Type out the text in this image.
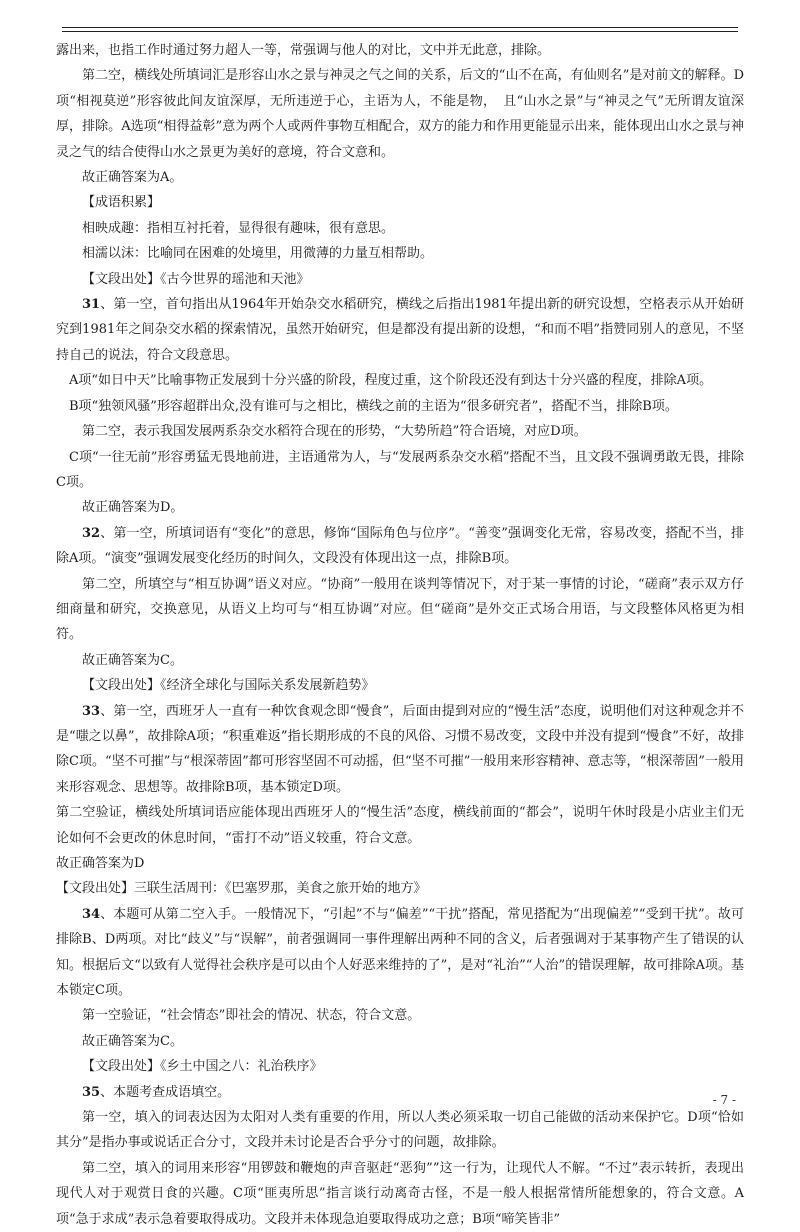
露出来，也指工作时通过努力超人一等，常强调与他人的对比，文中并无此意，排除。

第二空，横线处所填词汇是形容山水之景与神灵之气之间的关系，后文的“山不在高，有仙则名”是对前文的解释。D项“相视莫逆”形容彼此间友谊深厚，无所违逆于心，主语为人，不能是物，　且“山水之景”与“神灵之气”无所谓友谊深厚，排除。A选项“相得益彰”意为两个人或两件事物互相配合，双方的能力和作用更能显示出来，能体现出山水之景与神灵之气的结合使得山水之景更为美好的意境，符合文意和。

故正确答案为A。

【成语积累】

相映成趣：指相互衬托着，显得很有趣味，很有意思。

相濡以沫：比喻同在困难的处境里，用微薄的力量互相帮助。

【文段出处】《古今世界的瑶池和天池》

31、第一空，首句指出从1964年开始杂交水稻研究，横线之后指出1981年提出新的研究设想，空格表示从开始研究到1981年之间杂交水稻的探索情况，虽然开始研究，但是都没有提出新的设想，“和而不唱”指赞同别人的意见，不坚持自己的说法，符合文段意思。

A项“如日中天”比喻事物正发展到十分兴盛的阶段，程度过重，这个阶段还没有到达十分兴盛的程度，排除A项。

B项“独领风骚”形容超群出众,没有谁可与之相比，横线之前的主语为“很多研究者”，搭配不当，排除B项。

第二空，表示我国发展两系杂交水稻符合现在的形势，“大势所趋”符合语境，对应D项。

C项“一往无前”形容勇猛无畏地前进，主语通常为人，与“发展两系杂交水稻”搭配不当，且文段不强调勇敢无畏，排除C项。

故正确答案为D。

32、第一空，所填词语有“变化”的意思，修饰“国际角色与位序”。“善变”强调变化无常，容易改变，搭配不当，排除A项。“演变”强调发展变化经历的时间久，文段没有体现出这一点，排除B项。

第二空，所填空与“相互协调”语义对应。“协商”一般用在谈判等情况下，对于某一事情的讨论，“磋商”表示双方仔细商量和研究，交换意见，从语义上均可与“相互协调”对应。但“磋商”是外交正式场合用语，与文段整体风格更为相符。

故正确答案为C。

【文段出处】《经济全球化与国际关系发展新趋势》

33、第一空，西班牙人一直有一种饮食观念即“慢食”，后面由提到对应的“慢生活”态度，说明他们对这种观念并不是“嗤之以鼻”，故排除A项；“积重难返”指长期形成的不良的风俗、习惯不易改变，文段中并没有提到“慢食”不好，故排除C项。“坚不可摧”与“根深蒂固”都可形容坚固不可动摇，但“坚不可摧”一般用来形容精神、意志等，“根深蒂固”一般用来形容观念、思想等。故排除B项，基本锁定D项。

第二空验证，横线处所填词语应能体现出西班牙人的“慢生活”态度，横线前面的“都会”，说明午休时段是小店业主们无论如何不会更改的休息时间，“雷打不动”语义较重，符合文意。

故正确答案为D

【文段出处】三联生活周刊：《巴塞罗那，美食之旅开始的地方》

34、本题可从第二空入手。一般情况下，“引起”不与“偏差”“干扰”搭配，常见搭配为“出现偏差”“受到干扰”。故可排除B、D两项。对比“歧义”与“误解”，前者强调同一事件理解出两种不同的含义，后者强调对于某事物产生了错误的认知。根据后文“以致有人觉得社会秩序是可以由个人好恶来维持的了”，是对“礼治”“人治”的错误理解，故可排除A项。基本锁定C项。

第一空验证，“社会情态”即社会的情况、状态，符合文意。

故正确答案为C。

【文段出处】《乡土中国之八：礼治秩序》

35、本题考查成语填空。

第一空，填入的词表达因为太阳对人类有重要的作用，所以人类必须采取一切自己能做的活动来保护它。D项“恰如其分”是指办事或说话正合分寸，文段并未讨论是否合乎分寸的问题，故排除。

第二空，填入的词用来形容“用锣鼓和鞭炮的声音驱赶“恶狗””这一行为，让现代人不解。“不过”表示转折，表现出现代人对于观赏日食的兴趣。C项“匪夷所思”指言谈行动离奇古怪，不是一般人根据常情所能想象的，符合文意。A项“急于求成”表示急着要取得成功。文段并未体现急迫要取得成功之意；B项“啼笑皆非”

- 7 -
